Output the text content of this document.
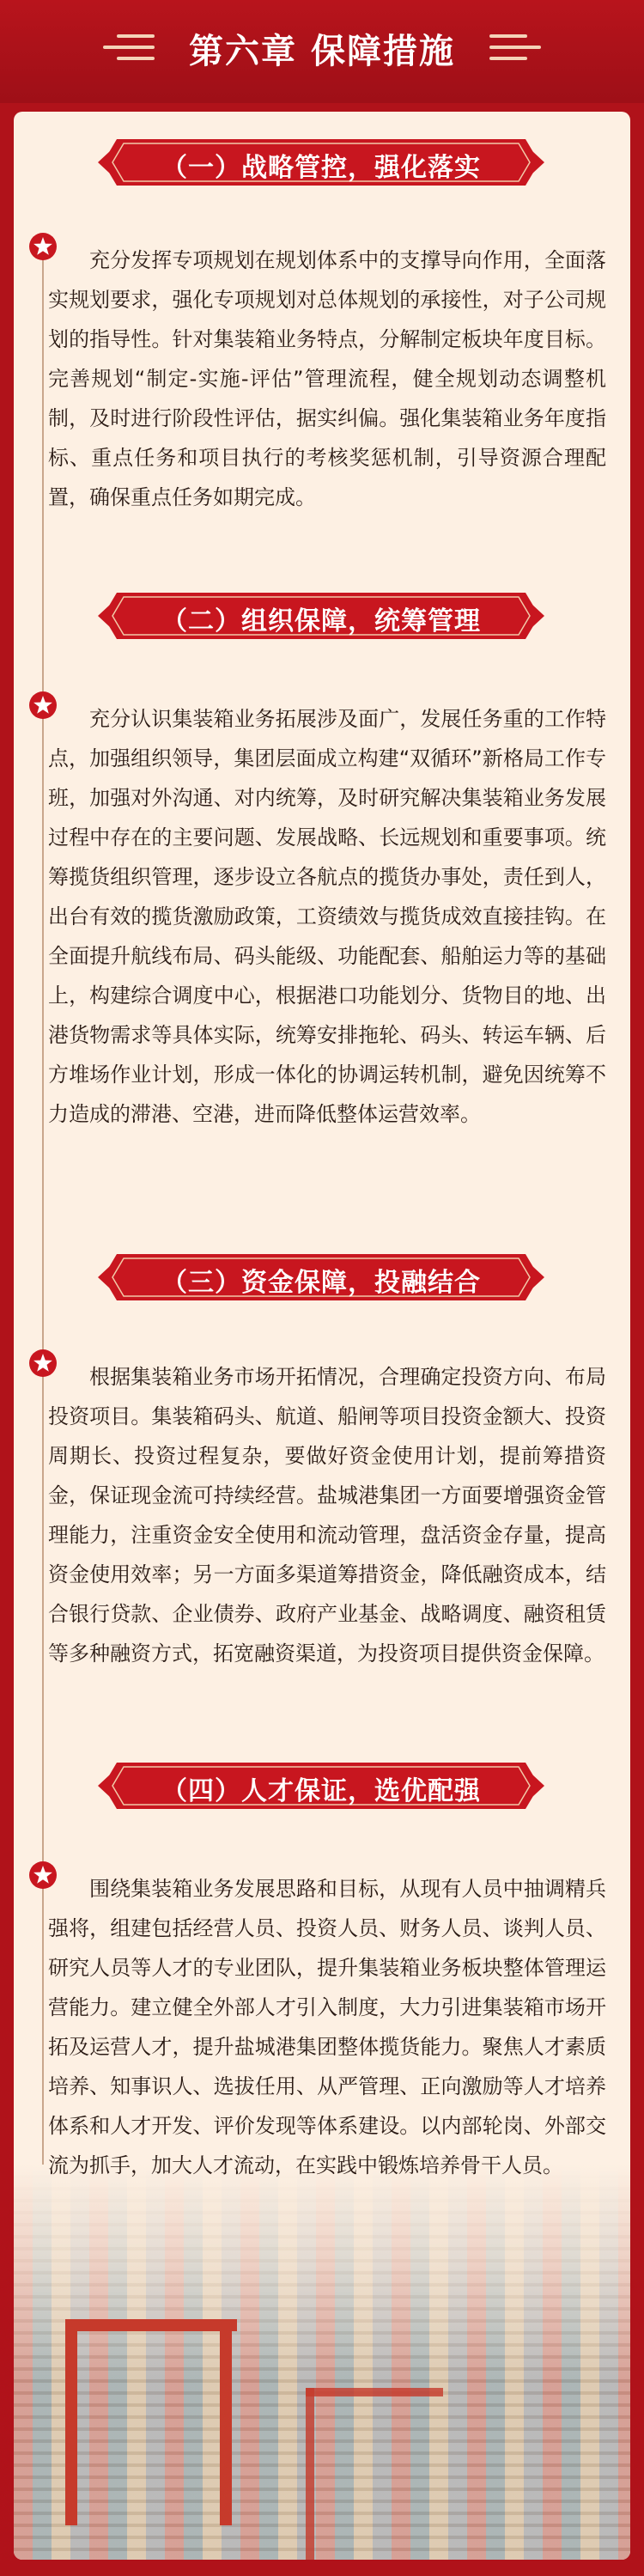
第六章 保障措施
（一）战略管控，强化落实

充分发挥专项规划在规划体系中的支撑导向作用，全面落实规划要求，强化专项规划对总体规划的承接性，对子公司规划的指导性。针对集装箱业务特点，分解制定板块年度目标。完善规划“制定-实施-评估”管理流程，健全规划动态调整机制，及时进行阶段性评估，据实纠偏。强化集装箱业务年度指标、重点任务和项目执行的考核奖惩机制，引导资源合理配置，确保重点任务如期完成。

（二）组织保障，统筹管理

充分认识集装箱业务拓展涉及面广，发展任务重的工作特点，加强组织领导，集团层面成立构建“双循环”新格局工作专班，加强对外沟通、对内统筹，及时研究解决集装箱业务发展过程中存在的主要问题、发展战略、长远规划和重要事项。统筹揽货组织管理，逐步设立各航点的揽货办事处，责任到人，出台有效的揽货激励政策，工资绩效与揽货成效直接挂钩。在全面提升航线布局、码头能级、功能配套、船舶运力等的基础上，构建综合调度中心，根据港口功能划分、货物目的地、出港货物需求等具体实际，统筹安排拖轮、码头、转运车辆、后方堆场作业计划，形成一体化的协调运转机制，避免因统筹不力造成的滞港、空港，进而降低整体运营效率。

（三）资金保障，投融结合

根据集装箱业务市场开拓情况，合理确定投资方向、布局投资项目。集装箱码头、航道、船闸等项目投资金额大、投资周期长、投资过程复杂，要做好资金使用计划，提前筹措资金，保证现金流可持续经营。盐城港集团一方面要增强资金管理能力，注重资金安全使用和流动管理，盘活资金存量，提高资金使用效率；另一方面多渠道筹措资金，降低融资成本，结合银行贷款、企业债券、政府产业基金、战略调度、融资租赁等多种融资方式，拓宽融资渠道，为投资项目提供资金保障。

（四）人才保证，选优配强

围绕集装箱业务发展思路和目标，从现有人员中抽调精兵强将，组建包括经营人员、投资人员、财务人员、谈判人员、研究人员等人才的专业团队，提升集装箱业务板块整体管理运营能力。建立健全外部人才引入制度，大力引进集装箱市场开拓及运营人才，提升盐城港集团整体揽货能力。聚焦人才素质培养、知事识人、选拔任用、从严管理、正向激励等人才培养体系和人才开发、评价发现等体系建设。以内部轮岗、外部交流为抓手，加大人才流动，在实践中锻炼培养骨干人员。
